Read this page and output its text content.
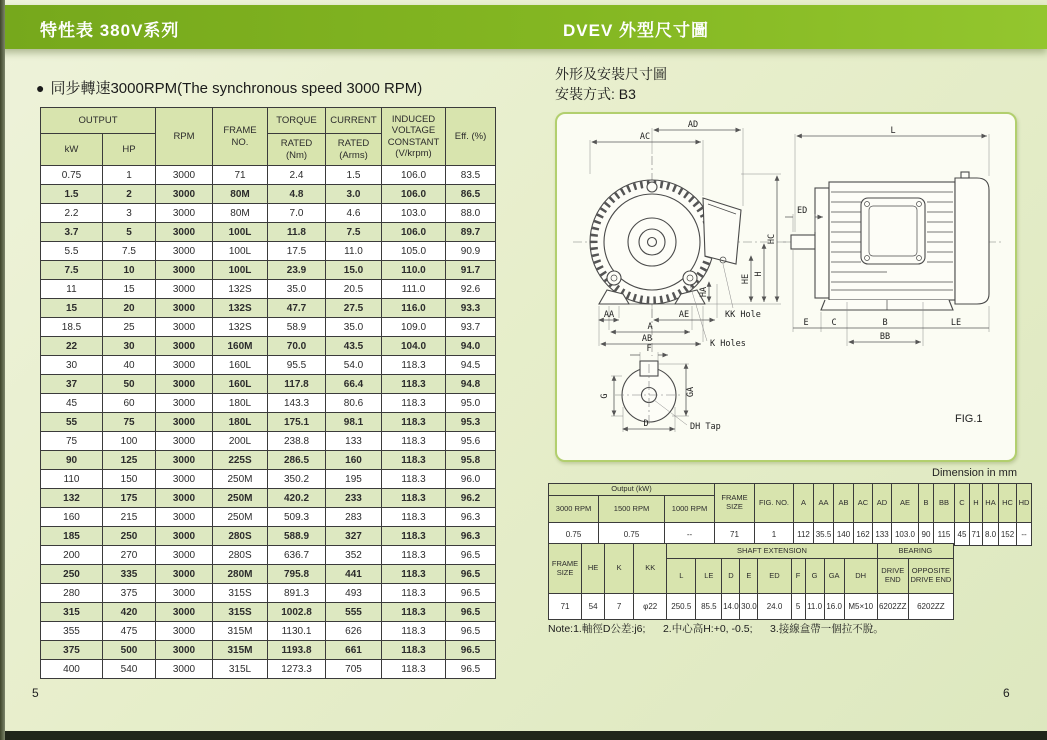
特性表 380V系列	DVEV 外型尺寸圖
● 同步轉速3000RPM(The synchronous speed 3000 RPM)
OUTPUT		RPM	FRAME NO.	TORQUE	CURRENT	INDUCED VOLTAGE CONSTANT (V/krpm)	Eff. (%)
kW	HP			RATED (Nm)	RATED (Arms)		
0.75	1	3000	71	2.4	1.5	106.0	83.5
1.5	2	3000	80M	4.8	3.0	106.0	86.5
2.2	3	3000	80M	7.0	4.6	103.0	88.0
3.7	5	3000	100L	11.8	7.5	106.0	89.7
5.5	7.5	3000	100L	17.5	11.0	105.0	90.9
7.5	10	3000	100L	23.9	15.0	110.0	91.7
11	15	3000	132S	35.0	20.5	111.0	92.6
15	20	3000	132S	47.7	27.5	116.0	93.3
18.5	25	3000	132S	58.9	35.0	109.0	93.7
22	30	3000	160M	70.0	43.5	104.0	94.0
30	40	3000	160L	95.5	54.0	118.3	94.5
37	50	3000	160L	117.8	66.4	118.3	94.8
45	60	3000	180L	143.3	80.6	118.3	95.0
55	75	3000	180L	175.1	98.1	118.3	95.3
75	100	3000	200L	238.8	133	118.3	95.6
90	125	3000	225S	286.5	160	118.3	95.8
110	150	3000	250M	350.2	195	118.3	96.0
132	175	3000	250M	420.2	233	118.3	96.2
160	215	3000	250M	509.3	283	118.3	96.3
185	250	3000	280S	588.9	327	118.3	96.3
200	270	3000	280S	636.7	352	118.3	96.5
250	335	3000	280M	795.8	441	118.3	96.5
280	375	3000	315S	891.3	493	118.3	96.5
315	420	3000	315S	1002.8	555	118.3	96.5
355	475	3000	315M	1130.1	626	118.3	96.5
375	500	3000	315M	1193.8	661	118.3	96.5
400	540	3000	315L	1273.3	705	118.3	96.5
外形及安裝尺寸圖
安裝方式: B3
AD
AC
HC
H
HE
HA
AA	AE
A
AB	K Holes
KK Hole
L
ED
E	C	B	LE
BB
F
G	GA
D	DH Tap
FIG.1
Dimension in mm
Output (kW)			FRAME SIZE	FIG. NO.	A	AA	AB	AC	AD	AE	B	BB	C	H	HA	HC	HD
3000 RPM	1500 RPM	1000 RPM															
0.75	0.75	--	71	1	112	35.5	140	162	133	103.0	90	115	45	71	8.0	152	--
FRAME SIZE	HE	K	KK	SHAFT EXTENSION									BEARING	
				L	LE	D	E	ED	F	G	GA	DH	DRIVE END	OPPOSITE DRIVE END
71	54	7	φ22	250.5	85.5	14.0	30.0	24.0	5	11.0	16.0	M5×10	6202ZZ	6202ZZ
Note:1.軸徑D公差:j6;      2.中心高H:+0, -0.5;      3.接線盒帶一個拉不脫。
5	6
